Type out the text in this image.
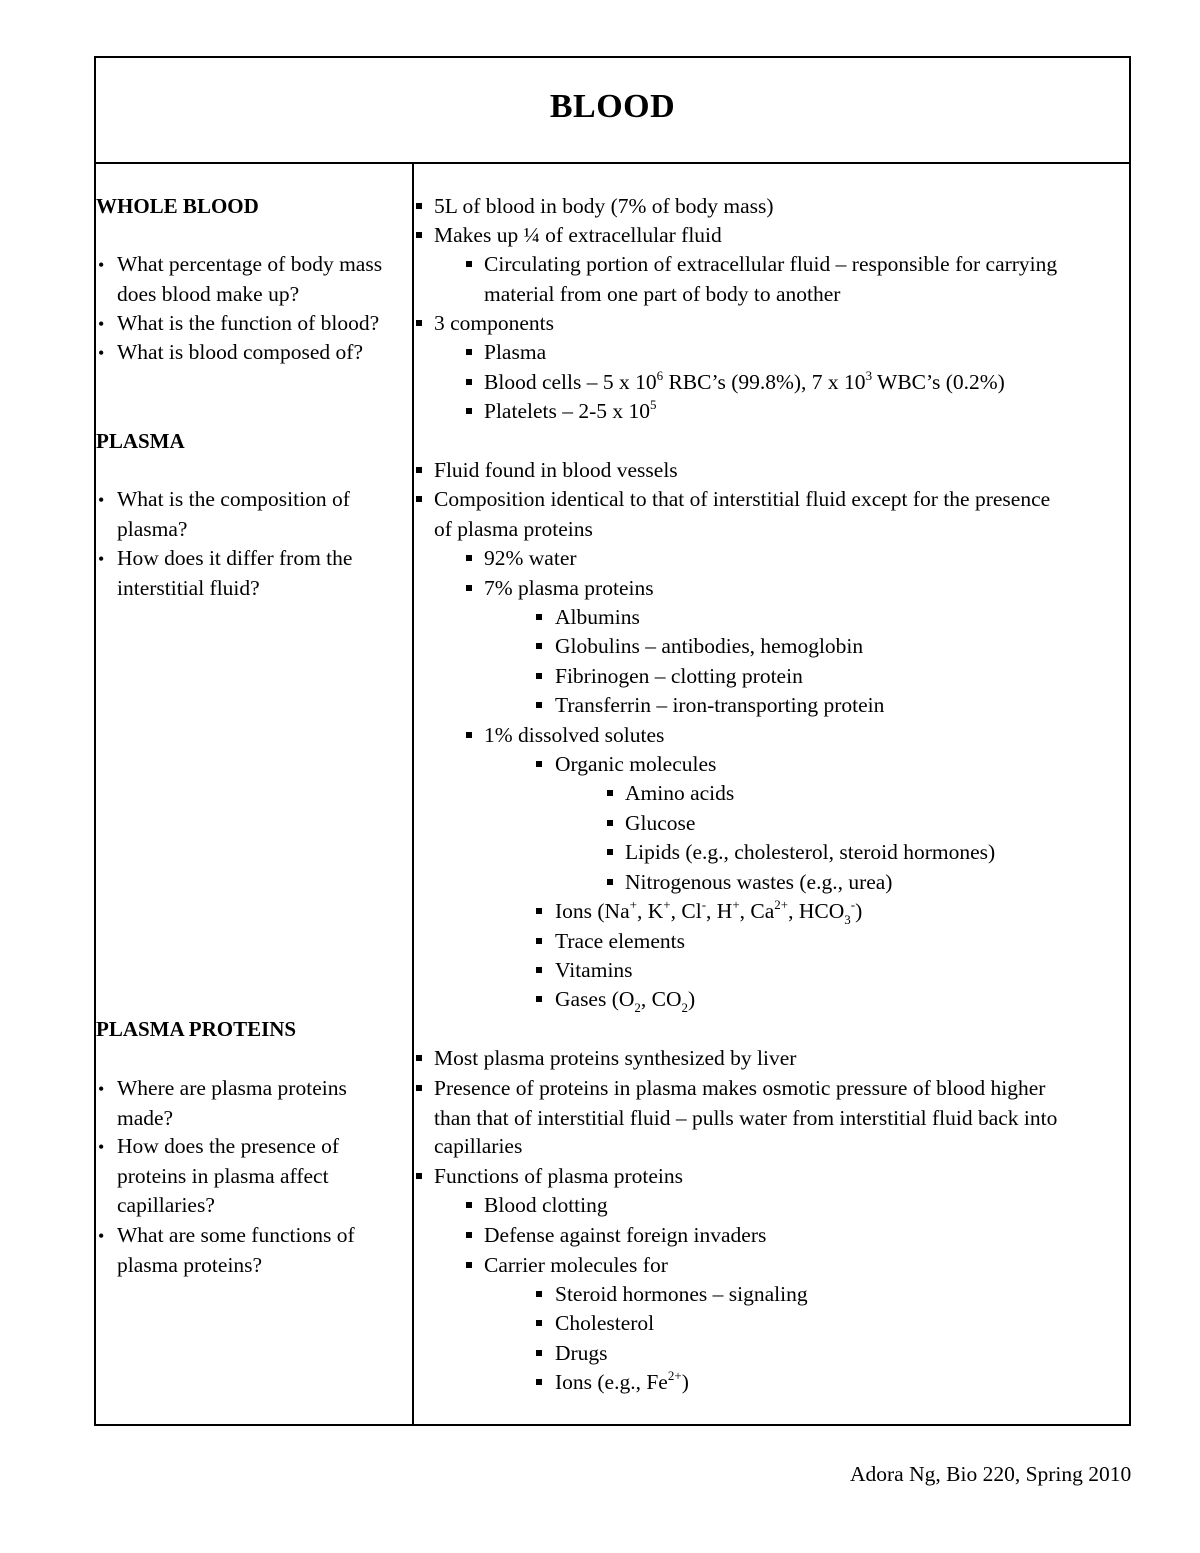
BLOOD
WHOLE BLOOD
• What percentage of body mass
does blood make up?
• What is the function of blood?
• What is blood composed of?
PLASMA
• What is the composition of
plasma?
• How does it differ from the
interstitial fluid?
PLASMA PROTEINS
• Where are plasma proteins
made?
• How does the presence of
proteins in plasma affect
capillaries?
• What are some functions of
plasma proteins?
5L of blood in body (7% of body mass)
Makes up ¼ of extracellular fluid
Circulating portion of extracellular fluid – responsible for carrying
material from one part of body to another
3 components
Plasma
Blood cells – 5 x $10^6$ RBC’s (99.8%), 7 x $10^3$ WBC’s (0.2%)
Platelets – 2-5 x $10^5$
Fluid found in blood vessels
Composition identical to that of interstitial fluid except for the presence
of plasma proteins
92% water
7% plasma proteins
Albumins
Globulins – antibodies, hemoglobin
Fibrinogen – clotting protein
Transferrin – iron-transporting protein
1% dissolved solutes
Organic molecules
Amino acids
Glucose
Lipids (e.g., cholesterol, steroid hormones)
Nitrogenous wastes (e.g., urea)
Ions (Na+, K+, Cl-, H+, $Ca^{2+}$, HCO3-)
Trace elements
Vitamins
Gases (O2, CO2)
Most plasma proteins synthesized by liver
Presence of proteins in plasma makes osmotic pressure of blood higher
than that of interstitial fluid – pulls water from interstitial fluid back into
capillaries
Functions of plasma proteins
Blood clotting
Defense against foreign invaders
Carrier molecules for
Steroid hormones – signaling
Cholesterol
Drugs
Ions (e.g., $Fe^{2+}$)
Adora Ng, Bio 220, Spring 2010
